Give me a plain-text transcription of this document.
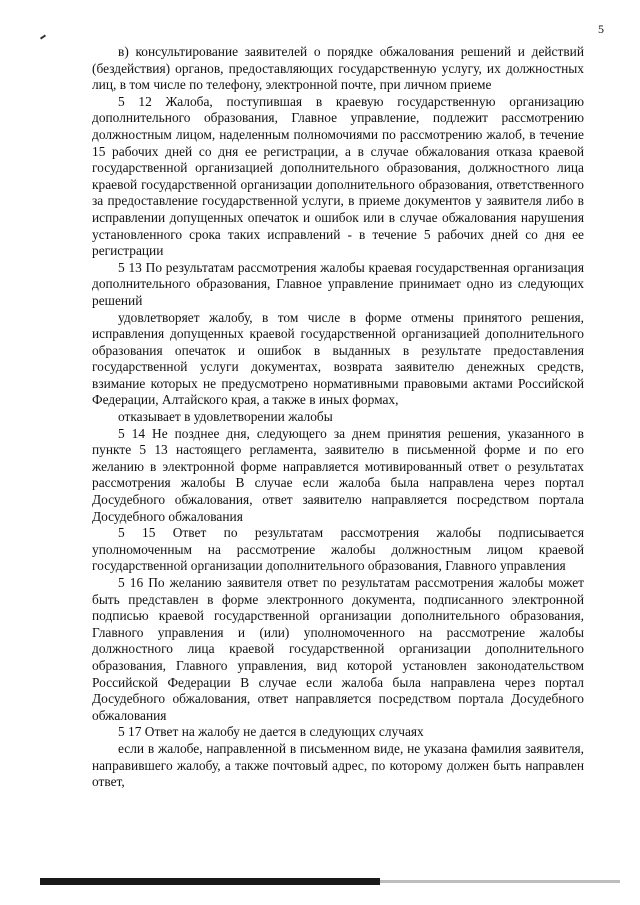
5

в) консультирование заявителей о порядке обжалования решений и действий (бездействия) органов, предоставляющих государственную услугу, их должностных лиц, в том числе по телефону, электронной почте, при личном приеме

5 12 Жалоба, поступившая в краевую государственную организацию дополнительного образования, Главное управление, подлежит рассмотрению должностным лицом, наделенным полномочиями по рассмотрению жалоб, в течение 15 рабочих дней со дня ее регистрации, а в случае обжалования отказа краевой государственной организацией дополнительного образования, должностного лица краевой государственной организации дополнительного образования, ответственного за предоставление государственной услуги, в приеме документов у заявителя либо в исправлении допущенных опечаток и ошибок или в случае обжалования нарушения установленного срока таких исправлений - в течение 5 рабочих дней со дня ее регистрации

5 13 По результатам рассмотрения жалобы краевая государственная организация дополнительного образования, Главное управление принимает одно из следующих решений

удовлетворяет жалобу, в том числе в форме отмены принятого решения, исправления допущенных краевой государственной организацией дополнительного образования опечаток и ошибок в выданных в результате предоставления государственной услуги документах, возврата заявителю денежных средств, взимание которых не предусмотрено нормативными правовыми актами Российской Федерации, Алтайского края, а также в иных формах,

отказывает в удовлетворении жалобы

5 14 Не позднее дня, следующего за днем принятия решения, указанного в пункте 5 13 настоящего регламента, заявителю в письменной форме и по его желанию в электронной форме направляется мотивированный ответ о результатах рассмотрения жалобы В случае если жалоба была направлена через портал Досудебного обжалования, ответ заявителю направляется посредством портала Досудебного обжалования

5 15 Ответ по результатам рассмотрения жалобы подписывается уполномоченным на рассмотрение жалобы должностным лицом краевой государственной организации дополнительного образования, Главного управления

5 16 По желанию заявителя ответ по результатам рассмотрения жалобы может быть представлен в форме электронного документа, подписанного электронной подписью краевой государственной организации дополнительного образования, Главного управления и (или) уполномоченного на рассмотрение жалобы должностного лица краевой государственной организации дополнительного образования, Главного управления, вид которой установлен законодательством Российской Федерации В случае если жалоба была направлена через портал Досудебного обжалования, ответ направляется посредством портала Досудебного обжалования

5 17 Ответ на жалобу не дается в следующих случаях

если в жалобе, направленной в письменном виде, не указана фамилия заявителя, направившего жалобу, а также почтовый адрес, по которому должен быть направлен ответ,
